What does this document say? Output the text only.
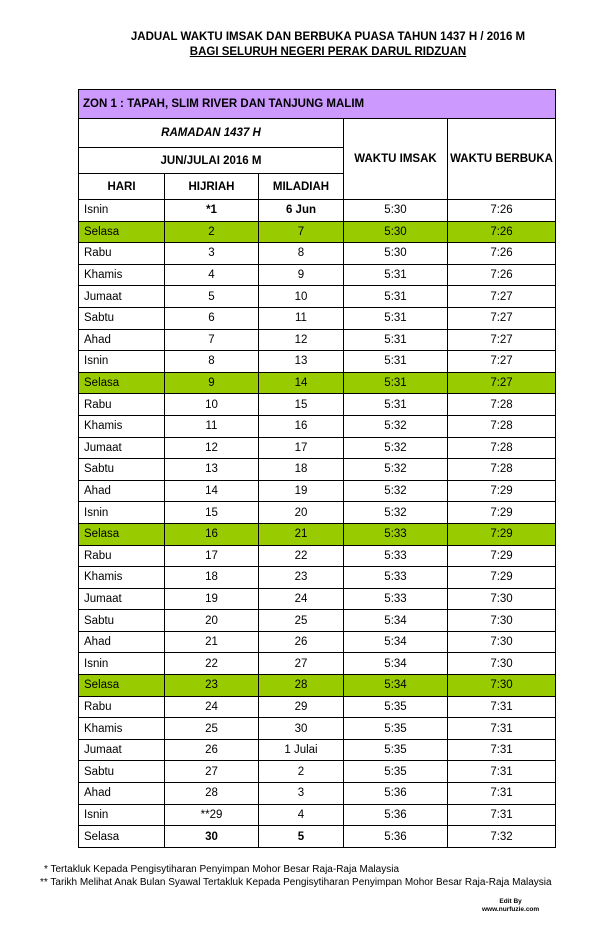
JADUAL WAKTU IMSAK DAN BERBUKA PUASA TAHUN 1437 H / 2016 M
BAGI SELURUH NEGERI PERAK DARUL RIDZUAN
ZON 1 : TAPAH, SLIM RIVER DAN TANJUNG MALIM				
RAMADAN 1437 H			WAKTU IMSAK	WAKTU BERBUKA
JUN/JULAI 2016 M				
HARI	HIJRIAH	MILADIAH		
Isnin	*1	6 Jun	5:30	7:26
Selasa	2	7	5:30	7:26
Rabu	3	8	5:30	7:26
Khamis	4	9	5:31	7:26
Jumaat	5	10	5:31	7:27
Sabtu	6	11	5:31	7:27
Ahad	7	12	5:31	7:27
Isnin	8	13	5:31	7:27
Selasa	9	14	5:31	7:27
Rabu	10	15	5:31	7:28
Khamis	11	16	5:32	7:28
Jumaat	12	17	5:32	7:28
Sabtu	13	18	5:32	7:28
Ahad	14	19	5:32	7:29
Isnin	15	20	5:32	7:29
Selasa	16	21	5:33	7:29
Rabu	17	22	5:33	7:29
Khamis	18	23	5:33	7:29
Jumaat	19	24	5:33	7:30
Sabtu	20	25	5:34	7:30
Ahad	21	26	5:34	7:30
Isnin	22	27	5:34	7:30
Selasa	23	28	5:34	7:30
Rabu	24	29	5:35	7:31
Khamis	25	30	5:35	7:31
Jumaat	26	1 Julai	5:35	7:31
Sabtu	27	2	5:35	7:31
Ahad	28	3	5:36	7:31
Isnin	**29	4	5:36	7:31
Selasa	30	5	5:36	7:32
* Tertakluk Kepada Pengisytiharan Penyimpan Mohor Besar Raja-Raja Malaysia
** Tarikh Melihat Anak Bulan Syawal Tertakluk Kepada Pengisytiharan Penyimpan Mohor Besar Raja-Raja Malaysia
Edit By
www.nurfuzie.com
